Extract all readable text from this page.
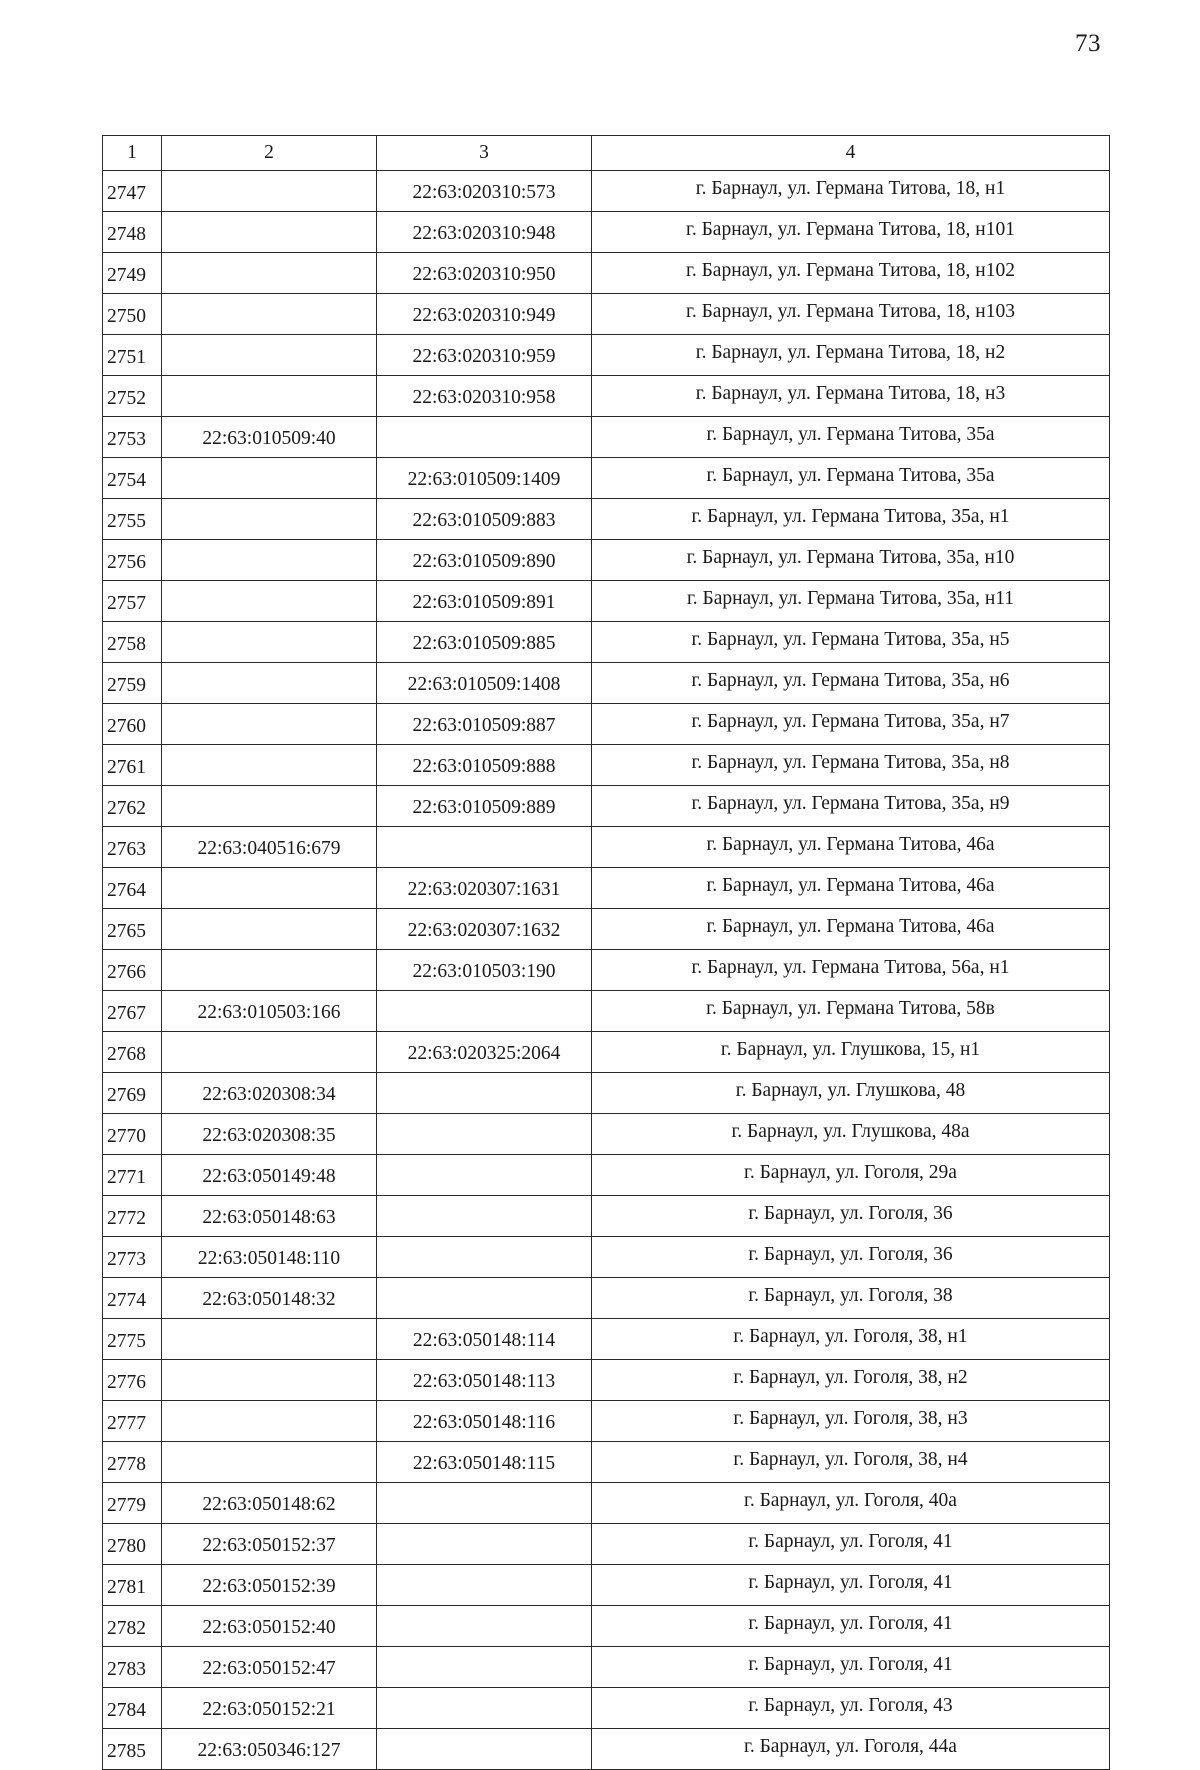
73
1	2	3	4
2747		22:63:020310:573	г. Барнаул, ул. Германа Титова, 18, н1
2748		22:63:020310:948	г. Барнаул, ул. Германа Титова, 18, н101
2749		22:63:020310:950	г. Барнаул, ул. Германа Титова, 18, н102
2750		22:63:020310:949	г. Барнаул, ул. Германа Титова, 18, н103
2751		22:63:020310:959	г. Барнаул, ул. Германа Титова, 18, н2
2752		22:63:020310:958	г. Барнаул, ул. Германа Титова, 18, н3
2753	22:63:010509:40		г. Барнаул, ул. Германа Титова, 35а
2754		22:63:010509:1409	г. Барнаул, ул. Германа Титова, 35а
2755		22:63:010509:883	г. Барнаул, ул. Германа Титова, 35а, н1
2756		22:63:010509:890	г. Барнаул, ул. Германа Титова, 35а, н10
2757		22:63:010509:891	г. Барнаул, ул. Германа Титова, 35а, н11
2758		22:63:010509:885	г. Барнаул, ул. Германа Титова, 35а, н5
2759		22:63:010509:1408	г. Барнаул, ул. Германа Титова, 35а, н6
2760		22:63:010509:887	г. Барнаул, ул. Германа Титова, 35а, н7
2761		22:63:010509:888	г. Барнаул, ул. Германа Титова, 35а, н8
2762		22:63:010509:889	г. Барнаул, ул. Германа Титова, 35а, н9
2763	22:63:040516:679		г. Барнаул, ул. Германа Титова, 46а
2764		22:63:020307:1631	г. Барнаул, ул. Германа Титова, 46а
2765		22:63:020307:1632	г. Барнаул, ул. Германа Титова, 46а
2766		22:63:010503:190	г. Барнаул, ул. Германа Титова, 56а, н1
2767	22:63:010503:166		г. Барнаул, ул. Германа Титова, 58в
2768		22:63:020325:2064	г. Барнаул, ул. Глушкова, 15, н1
2769	22:63:020308:34		г. Барнаул, ул. Глушкова, 48
2770	22:63:020308:35		г. Барнаул, ул. Глушкова, 48а
2771	22:63:050149:48		г. Барнаул, ул. Гоголя, 29а
2772	22:63:050148:63		г. Барнаул, ул. Гоголя, 36
2773	22:63:050148:110		г. Барнаул, ул. Гоголя, 36
2774	22:63:050148:32		г. Барнаул, ул. Гоголя, 38
2775		22:63:050148:114	г. Барнаул, ул. Гоголя, 38, н1
2776		22:63:050148:113	г. Барнаул, ул. Гоголя, 38, н2
2777		22:63:050148:116	г. Барнаул, ул. Гоголя, 38, н3
2778		22:63:050148:115	г. Барнаул, ул. Гоголя, 38, н4
2779	22:63:050148:62		г. Барнаул, ул. Гоголя, 40а
2780	22:63:050152:37		г. Барнаул, ул. Гоголя, 41
2781	22:63:050152:39		г. Барнаул, ул. Гоголя, 41
2782	22:63:050152:40		г. Барнаул, ул. Гоголя, 41
2783	22:63:050152:47		г. Барнаул, ул. Гоголя, 41
2784	22:63:050152:21		г. Барнаул, ул. Гоголя, 43
2785	22:63:050346:127		г. Барнаул, ул. Гоголя, 44а
